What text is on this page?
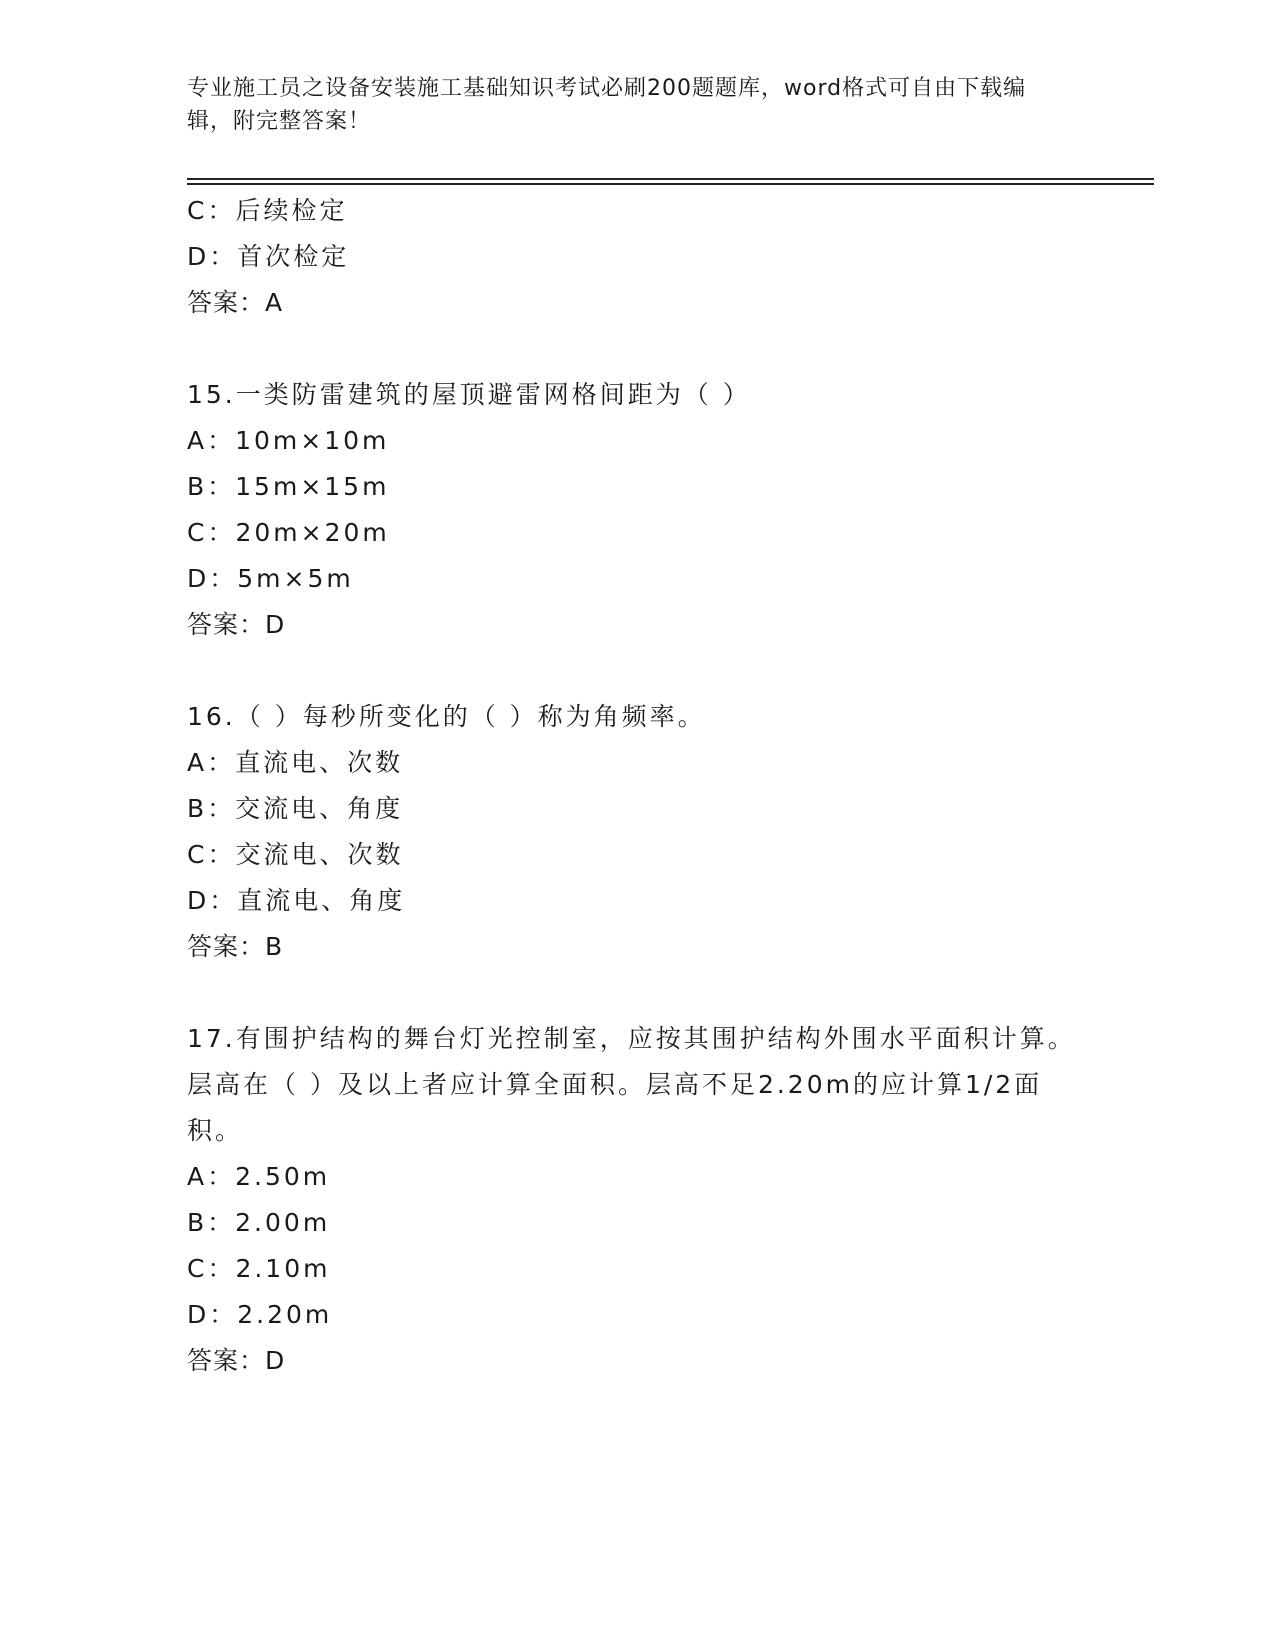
专业施工员之设备安装施工基础知识考试必刷200题题库，word格式可自由下载编辑，附完整答案！
C：后续检定
D：首次检定
答案：A
15.一类防雷建筑的屋顶避雷网格间距为（ ）
A：10m×10m
B：15m×15m
C：20m×20m
D：5m×5m
答案：D
16.（ ）每秒所变化的（ ）称为角频率。
A：直流电、次数
B：交流电、角度
C：交流电、次数
D：直流电、角度
答案：B
17.有围护结构的舞台灯光控制室，应按其围护结构外围水平面积计算。层高在（ ）及以上者应计算全面积。层高不足2.20m的应计算1/2面积。
A：2.50m
B：2.00m
C：2.10m
D：2.20m
答案：D
